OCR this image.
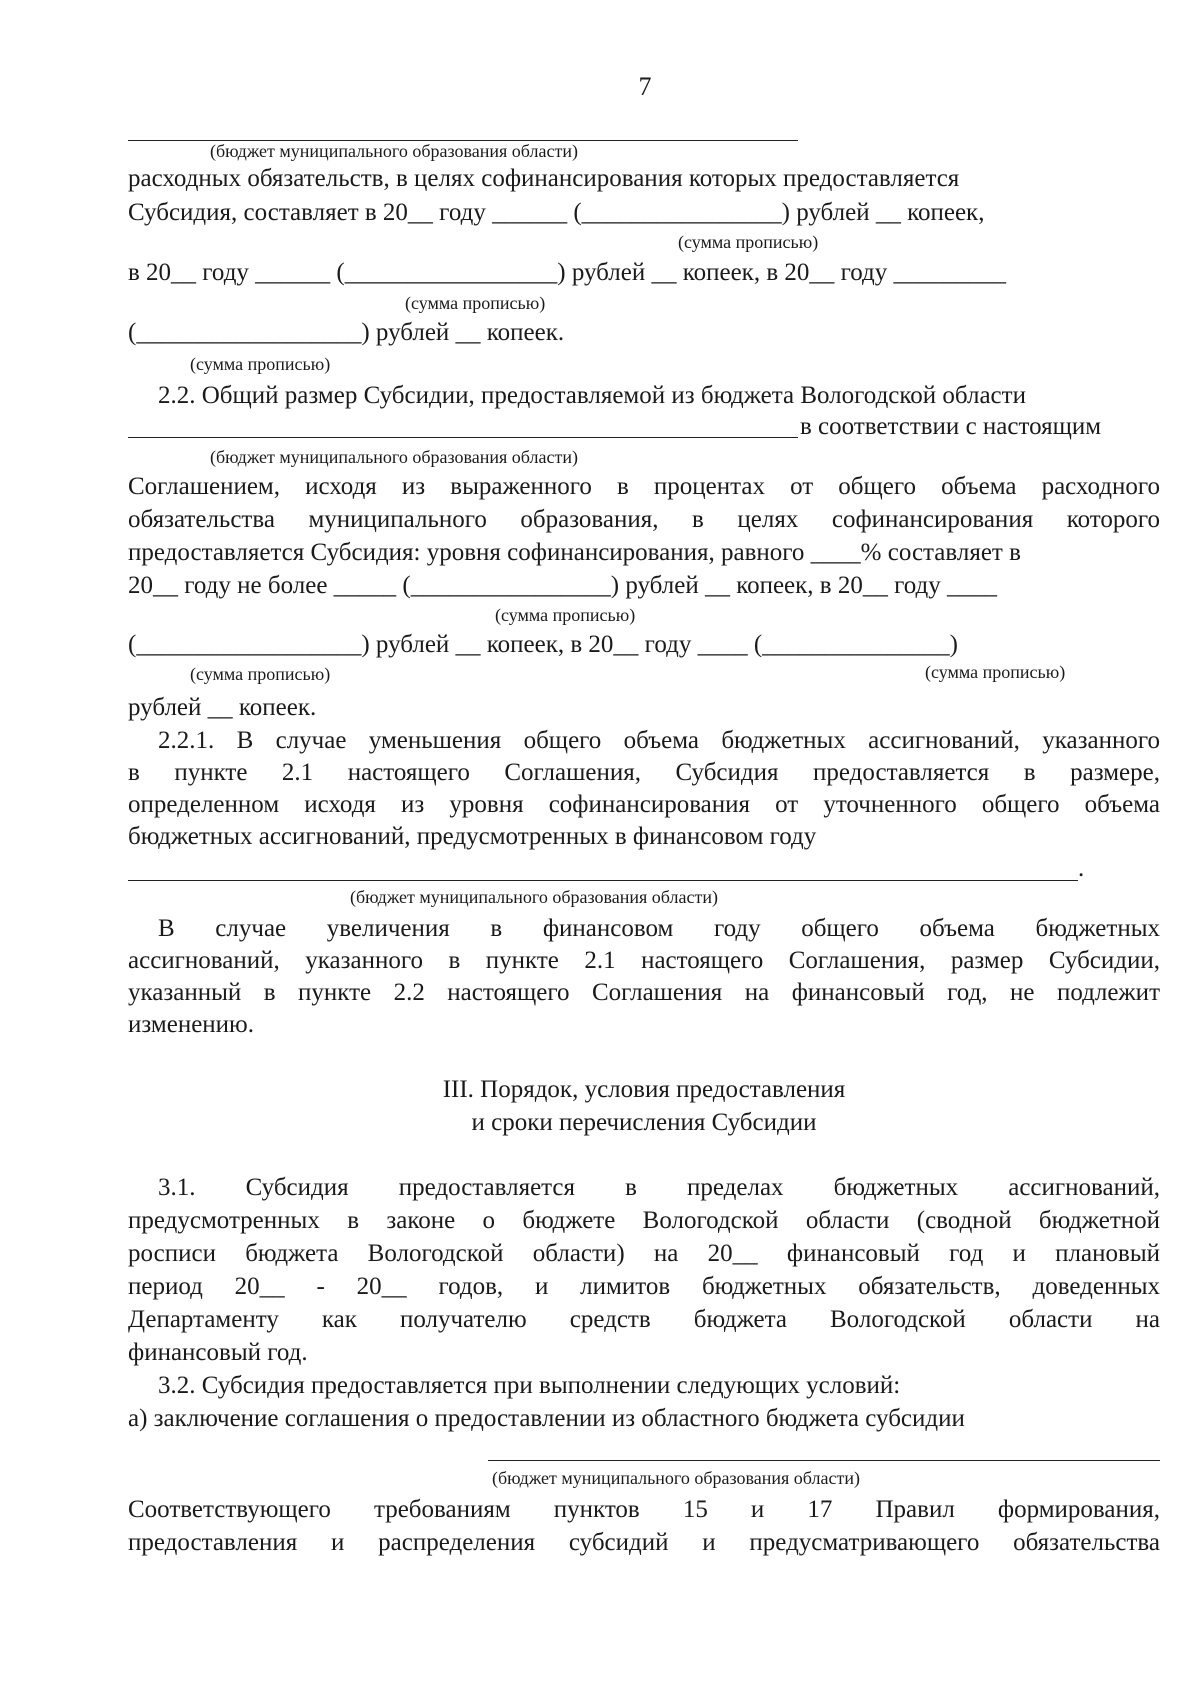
7
(бюджет муниципального образования области)
расходных обязательств, в целях софинансирования которых предоставляется
Субсидия, составляет в 20__ году ______ (________________) рублей __ копеек,
(сумма прописью)
в 20__ году ______ (_________________) рублей __ копеек, в 20__ году _________
(сумма прописью)
(__________________) рублей __ копеек.
(сумма прописью)
2.2. Общий размер Субсидии, предоставляемой из бюджета Вологодской области
в соответствии с настоящим
(бюджет муниципального образования области)
Соглашением, исходя из выраженного в процентах от общего объема расходного
обязательства муниципального образования, в целях софинансирования которого
предоставляется Субсидия: уровня софинансирования, равного ____% составляет в
20__ году не более _____ (________________) рублей __ копеек, в 20__ году ____
(сумма прописью)
(__________________) рублей __ копеек, в 20__ году ____ (_______________)
(сумма прописью)	(сумма прописью)
рублей __ копеек.
2.2.1. В случае уменьшения общего объема бюджетных ассигнований, указанного
в пункте 2.1 настоящего Соглашения, Субсидия предоставляется в размере,
определенном исходя из уровня софинансирования от уточненного общего объема
бюджетных ассигнований, предусмотренных в финансовом году
.
(бюджет муниципального образования области)
В случае увеличения в финансовом году общего объема бюджетных
ассигнований, указанного в пункте 2.1 настоящего Соглашения, размер Субсидии,
указанный в пункте 2.2 настоящего Соглашения на финансовый год, не подлежит
изменению.
III. Порядок, условия предоставления
и сроки перечисления Субсидии
3.1. Субсидия предоставляется в пределах бюджетных ассигнований,
предусмотренных в законе о бюджете Вологодской области (сводной бюджетной
росписи бюджета Вологодской области) на 20__ финансовый год и плановый
период 20__ - 20__ годов, и лимитов бюджетных обязательств, доведенных
Департаменту как получателю средств бюджета Вологодской области на
финансовый год.
3.2. Субсидия предоставляется при выполнении следующих условий:
а) заключение соглашения о предоставлении из областного бюджета субсидии
(бюджет муниципального образования области)
Соответствующего требованиям пунктов 15 и 17 Правил формирования,
предоставления и распределения субсидий и предусматривающего обязательства
